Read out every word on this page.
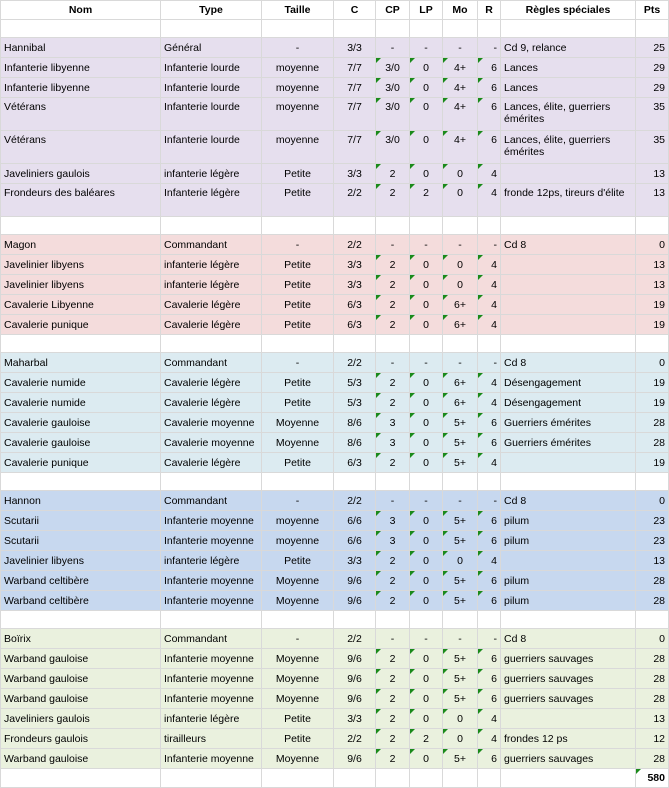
Nom	Type	Taille	C	CP	LP	Mo	R	Règles spéciales	Pts

Hannibal	Général	-	3/3	-	-	-	-	Cd 9, relance	25
Infanterie libyenne	Infanterie lourde	moyenne	7/7	3/0	0	4+	6	Lances	29
Infanterie libyenne	Infanterie lourde	moyenne	7/7	3/0	0	4+	6	Lances	29
Vétérans	Infanterie lourde	moyenne	7/7	3/0	0	4+	6	Lances, élite, guerriers émérites	35
Vétérans	Infanterie lourde	moyenne	7/7	3/0	0	4+	6	Lances, élite, guerriers émérites	35
Javeliniers gaulois	infanterie légère	Petite	3/3	2	0	0	4		13
Frondeurs des baléares	Infanterie légère	Petite	2/2	2	2	0	4	fronde 12ps, tireurs d'élite	13

Magon	Commandant	-	2/2	-	-	-	-	Cd 8	0
Javelinier libyens	infanterie légère	Petite	3/3	2	0	0	4		13
Javelinier libyens	infanterie légère	Petite	3/3	2	0	0	4		13
Cavalerie Libyenne	Cavalerie légère	Petite	6/3	2	0	6+	4		19
Cavalerie punique	Cavalerie légère	Petite	6/3	2	0	6+	4		19

Maharbal	Commandant	-	2/2	-	-	-	-	Cd 8	0
Cavalerie numide	Cavalerie légère	Petite	5/3	2	0	6+	4	Désengagement	19
Cavalerie numide	Cavalerie légère	Petite	5/3	2	0	6+	4	Désengagement	19
Cavalerie gauloise	Cavalerie moyenne	Moyenne	8/6	3	0	5+	6	Guerriers émérites	28
Cavalerie gauloise	Cavalerie moyenne	Moyenne	8/6	3	0	5+	6	Guerriers émérites	28
Cavalerie punique	Cavalerie légère	Petite	6/3	2	0	5+	4		19

Hannon	Commandant	-	2/2	-	-	-	-	Cd 8	0
Scutarii	Infanterie moyenne	moyenne	6/6	3	0	5+	6	pilum	23
Scutarii	Infanterie moyenne	moyenne	6/6	3	0	5+	6	pilum	23
Javelinier libyens	infanterie légère	Petite	3/3	2	0	0	4		13
Warband celtibère	Infanterie moyenne	Moyenne	9/6	2	0	5+	6	pilum	28
Warband celtibère	Infanterie moyenne	Moyenne	9/6	2	0	5+	6	pilum	28

Boïrix	Commandant	-	2/2	-	-	-	-	Cd 8	0
Warband gauloise	Infanterie moyenne	Moyenne	9/6	2	0	5+	6	guerriers sauvages	28
Warband gauloise	Infanterie moyenne	Moyenne	9/6	2	0	5+	6	guerriers sauvages	28
Warband gauloise	Infanterie moyenne	Moyenne	9/6	2	0	5+	6	guerriers sauvages	28
Javeliniers gaulois	infanterie légère	Petite	3/3	2	0	0	4		13
Frondeurs gaulois	tirailleurs	Petite	2/2	2	2	0	4	frondes 12 ps	12
Warband gauloise	Infanterie moyenne	Moyenne	9/6	2	0	5+	6	guerriers sauvages	28
									580
